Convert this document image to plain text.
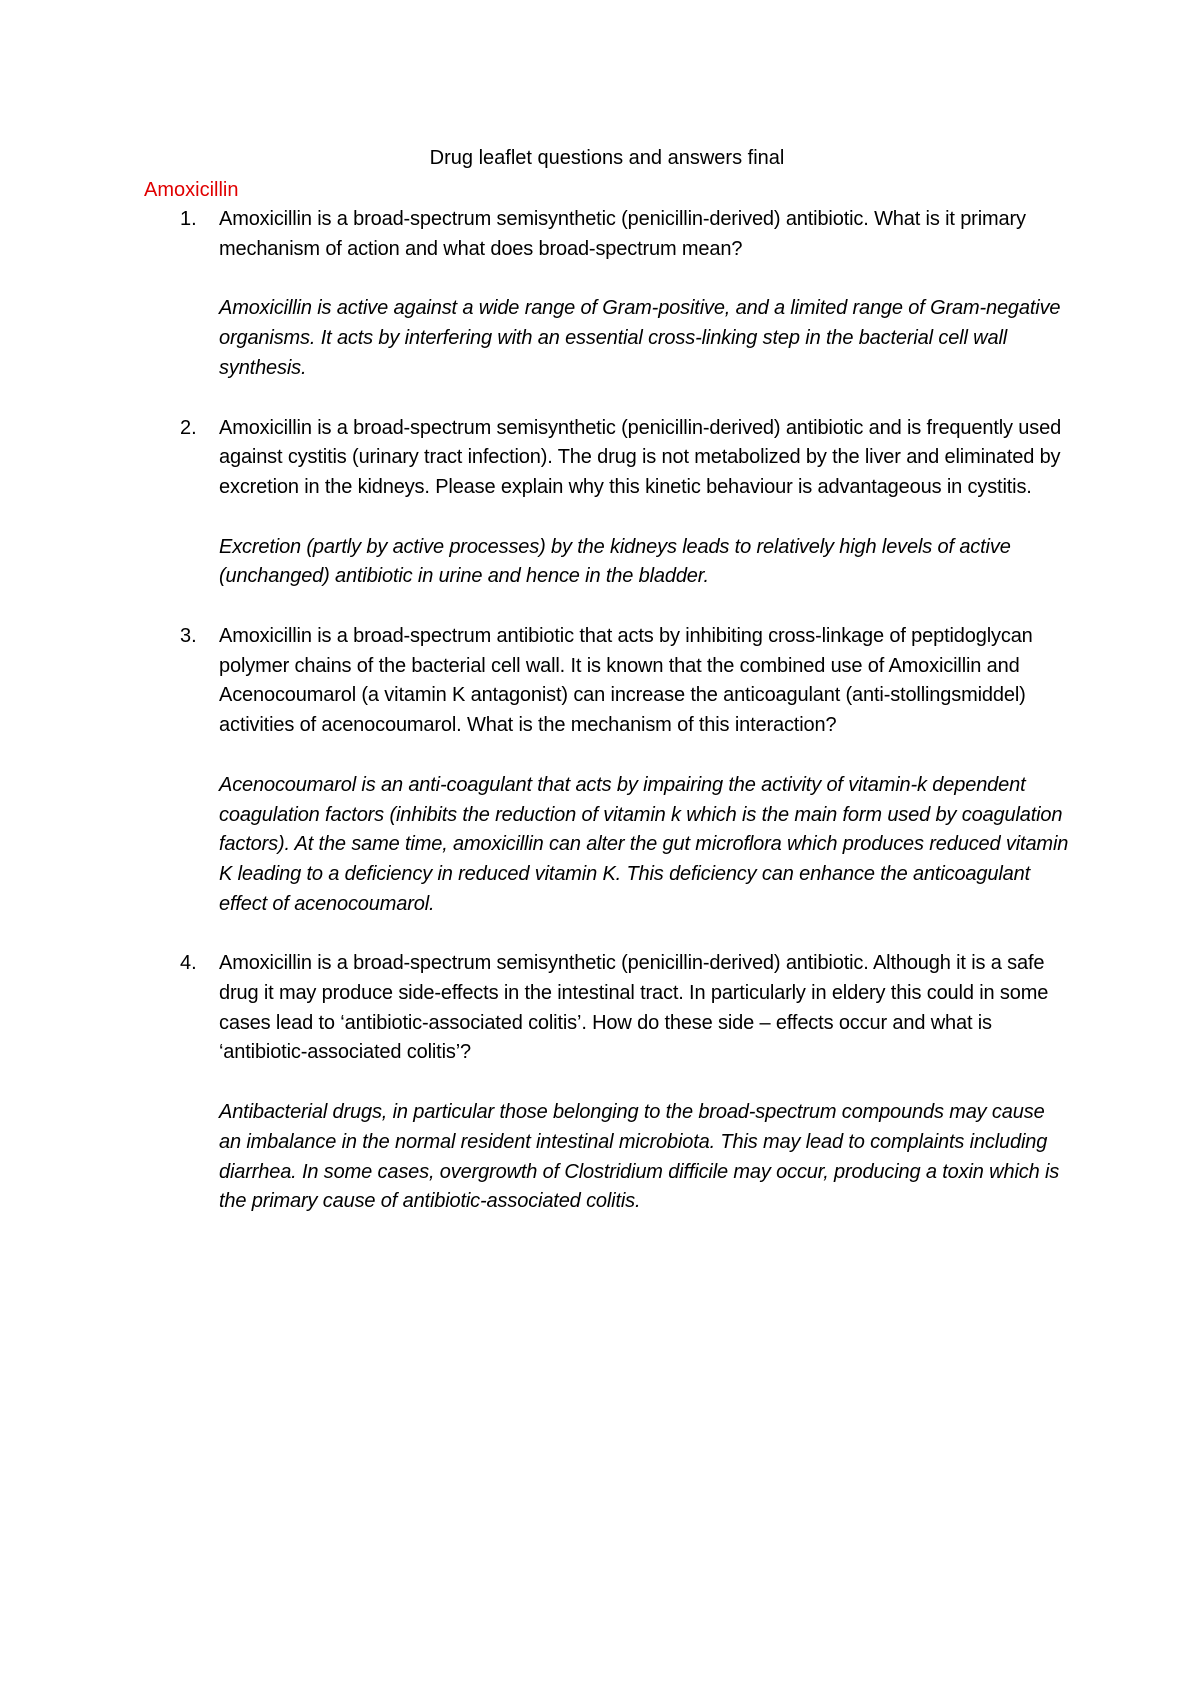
Drug leaflet questions and answers final
Amoxicillin
1. Amoxicillin is a broad-spectrum semisynthetic (penicillin-derived) antibiotic. What is it primary mechanism of action and what does broad-spectrum mean?

Amoxicillin is active against a wide range of Gram-positive, and a limited range of Gram-negative organisms. It acts by interfering with an essential cross-linking step in the bacterial cell wall synthesis.

2. Amoxicillin is a broad-spectrum semisynthetic (penicillin-derived) antibiotic and is frequently used against cystitis (urinary tract infection). The drug is not metabolized by the liver and eliminated by excretion in the kidneys. Please explain why this kinetic behaviour is advantageous in cystitis.

Excretion (partly by active processes) by the kidneys leads to relatively high levels of active (unchanged) antibiotic in urine and hence in the bladder.

3. Amoxicillin is a broad-spectrum antibiotic that acts by inhibiting cross-linkage of peptidoglycan polymer chains of the bacterial cell wall. It is known that the combined use of Amoxicillin and Acenocoumarol (a vitamin K antagonist) can increase the anticoagulant (anti-stollingsmiddel) activities of acenocoumarol. What is the mechanism of this interaction?

Acenocoumarol is an anti-coagulant that acts by impairing the activity of vitamin-k dependent coagulation factors (inhibits the reduction of vitamin k which is the main form used by coagulation factors). At the same time, amoxicillin can alter the gut microflora which produces reduced vitamin K leading to a deficiency in reduced vitamin K. This deficiency can enhance the anticoagulant effect of acenocoumarol.

4. Amoxicillin is a broad-spectrum semisynthetic (penicillin-derived) antibiotic. Although it is a safe drug it may produce side-effects in the intestinal tract. In particularly in eldery this could in some cases lead to ‘antibiotic-associated colitis’. How do these side – effects occur and what is ‘antibiotic-associated colitis’?

Antibacterial drugs, in particular those belonging to the broad-spectrum compounds may cause an imbalance in the normal resident intestinal microbiota. This may lead to complaints including diarrhea. In some cases, overgrowth of Clostridium difficile may occur, producing a toxin which is the primary cause of antibiotic-associated colitis.
